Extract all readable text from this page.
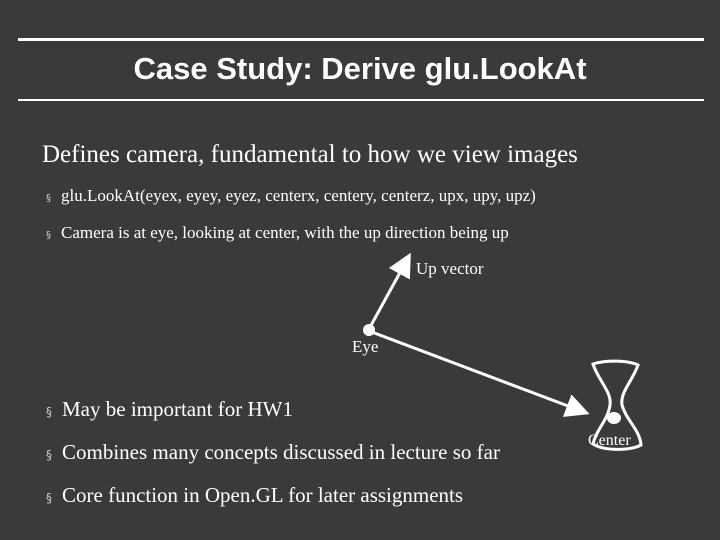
Case Study: Derive glu.LookAt
Defines camera, fundamental to how we view images
§ glu.LookAt(eyex, eyey, eyez, centerx, centery, centerz, upx, upy, upz)
§ Camera is at eye, looking at center, with the up direction being up
Up vector
Eye
Center
§ May be important for HW1
§ Combines many concepts discussed in lecture so far
§ Core function in Open.GL for later assignments
